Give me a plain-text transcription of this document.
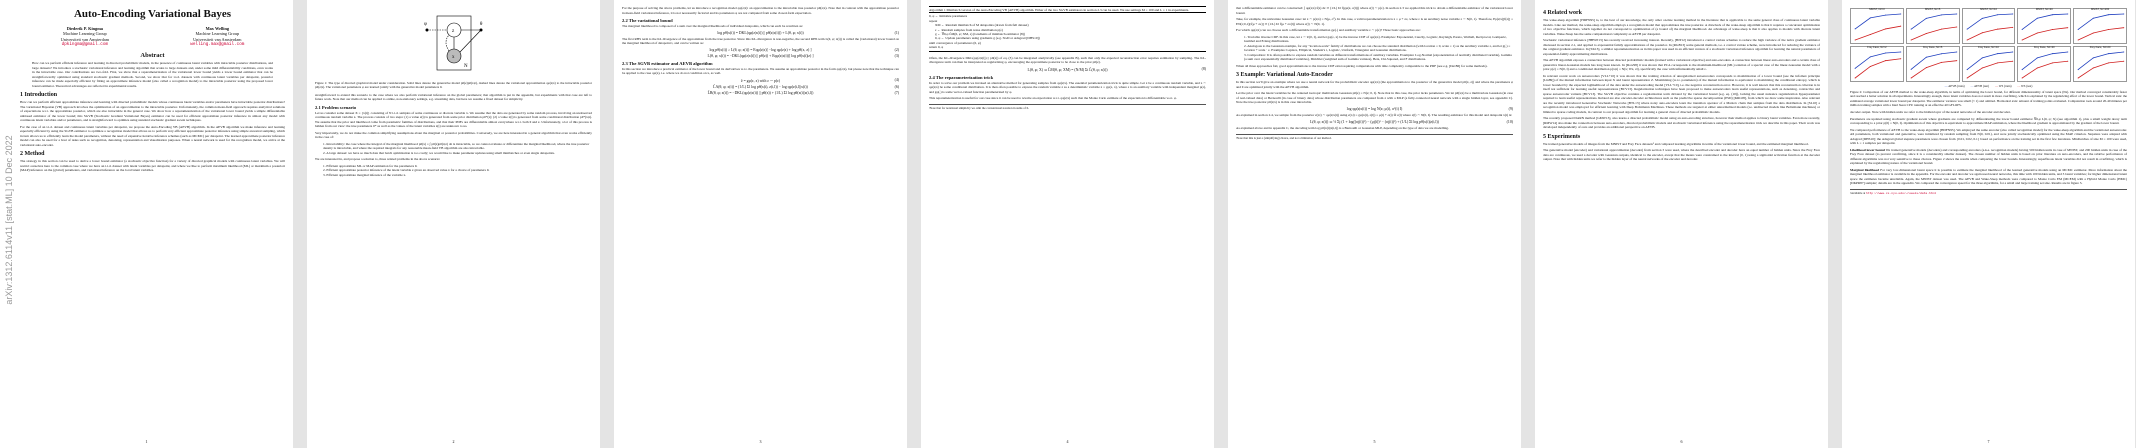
arXiv:1312.6114v11 [stat.ML] 10 Dec 2022
Auto-Encoding Variational Bayes
Diederik P. Kingma
Machine Learning Group
Universiteit van Amsterdam
dpkingma@gmail.com
Max Welling
Machine Learning Group
Universiteit van Amsterdam
welling.max@gmail.com
Abstract
How can we perform efficient inference and learning in directed probabilistic models, in the presence of continuous latent variables with intractable posterior distributions, and large datasets? We introduce a stochastic variational inference and learning algorithm that scales to large datasets and, under some mild differentiability conditions, even works in the intractable case. Our contributions are two-fold. First, we show that a reparameterization of the variational lower bound yields a lower bound estimator that can be straightforwardly optimized using standard stochastic gradient methods. Second, we show that for i.i.d. datasets with continuous latent variables per datapoint, posterior inference can be made especially efficient by fitting an approximate inference model (also called a recognition model) to the intractable posterior using the proposed lower bound estimator. Theoretical advantages are reflected in experimental results.
1 Introduction

How can we perform efficient approximate inference and learning with directed probabilistic models whose continuous latent variables and/or parameters have intractable posterior distributions? The variational Bayesian (VB) approach involves the optimization of an approximation to the intractable posterior. Unfortunately, the common mean-field approach requires analytical solutions of expectations w.r.t. the approximate posterior, which are also intractable in the general case. We show how a reparameterization of the variational lower bound yields a simple differentiable unbiased estimator of the lower bound; this SGVB (Stochastic Gradient Variational Bayes) estimator can be used for efficient approximate posterior inference in almost any model with continuous latent variables and/or parameters, and is straightforward to optimize using standard stochastic gradient ascent techniques.

For the case of an i.i.d. dataset and continuous latent variables per datapoint, we propose the Auto-Encoding VB (AEVB) algorithm. In the AEVB algorithm we make inference and learning especially efficient by using the SGVB estimator to optimize a recognition model that allows us to perform very efficient approximate posterior inference using simple ancestral sampling, which in turn allows us to efficiently learn the model parameters, without the need of expensive iterative inference schemes (such as MCMC) per datapoint. The learned approximate posterior inference model can also be used for a host of tasks such as recognition, denoising, representation and visualization purposes. When a neural network is used for the recognition model, we arrive at the variational auto-encoder.

2 Method

The strategy in this section can be used to derive a lower bound estimator (a stochastic objective function) for a variety of directed graphical models with continuous latent variables. We will restrict ourselves here to the common case where we have an i.i.d. dataset with latent variables per datapoint, and where we like to perform maximum likelihood (ML) or maximum a posteriori (MAP) inference on the (global) parameters, and variational inference on the local latent variables.

1
φ
z
θ
x
N
Figure 1: The type of directed graphical model under consideration. Solid lines denote the generative model pθ(z)pθ(x|z), dashed lines denote the variational approximation qφ(z|x) to the intractable posterior pθ(z|x). The variational parameters φ are learned jointly with the generative model parameters θ.

straightforward to extend this scenario to the case where we also perform variational inference on the global parameters; that algorithm is put in the appendix, but experiments with that case are left to future work. Note that our method can be applied to online, non-stationary settings, e.g. streaming data, but here we assume a fixed dataset for simplicity.

2.1 Problem scenario

Let us consider some dataset X = {x(i)} consisting of N i.i.d. samples of some continuous or discrete variable x. We assume that the data are generated by some random process, involving an unobserved continuous random variable z. The process consists of two steps: (1) a value z(i) is generated from some prior distribution pθ*(z); (2) a value x(i) is generated from some conditional distribution pθ*(x|z). We assume that the prior and likelihood come from parametric families of distributions, and that their PDFs are differentiable almost everywhere w.r.t. both θ and z. Unfortunately, a lot of this process is hidden from our view: the true parameters θ* as well as the values of the latent variables z(i) are unknown to us.

Very importantly, we do not make the common simplifying assumptions about the marginal or posterior probabilities. Conversely, we are here interested in a general algorithm that even works efficiently in the case of:

1. Intractability: the case where the integral of the marginal likelihood pθ(x) = ∫ pθ(z)pθ(x|z) dz is intractable, so we cannot evaluate or differentiate the marginal likelihood, where the true posterior density is intractable, and where the required integrals for any reasonable mean-field VB algorithm are also intractable.
2. A large dataset: we have so much data that batch optimization is too costly; we would like to make parameter updates using small minibatches or even single datapoints.

We are interested in, and propose a solution to, three related problems in the above scenario:

1. Efficient approximate ML or MAP estimation for the parameters θ.
2. Efficient approximate posterior inference of the latent variable z given an observed value x for a choice of parameters θ.
3. Efficient approximate marginal inference of the variable x.
2

For the purpose of solving the above problems, let us introduce a recognition model qφ(z|x): an approximation to the intractable true posterior pθ(z|x). Note that in contrast with the approximate posterior in mean-field variational inference, it is not necessarily factorial and its parameters φ are not computed from some closed-form expectation.

2.2 The variational bound

The marginal likelihood is composed of a sum over the marginal likelihoods of individual datapoints, which can each be rewritten as:

log pθ(x(i)) = DKL(qφ(z|x(i)) || pθ(z|x(i))) + L(θ, φ; x(i))	(1)

The first RHS term is the KL divergence of the approximate from the true posterior. Since this KL-divergence is non-negative, the second RHS term L(θ, φ; x(i)) is called the (variational) lower bound on the marginal likelihood of datapoint i, and can be written as:

log pθ(x(i)) ≥ L(θ, φ; x(i)) = Eqφ(z|x)[ −log qφ(z|x) + log pθ(x, z) ]	(2)
L(θ, φ; x(i)) = −DKL(qφ(z|x(i)) || pθ(z)) + Eqφ(z|x(i))[ log pθ(x(i)|z) ]	(3)
2.3 The SGVB estimator and AEVB algorithm

In this section we introduce a practical estimator of the lower bound and its derivatives w.r.t. the parameters. We assume an approximate posterior in the form qφ(z|x), but please note that the technique can be applied to the case qφ(z), i.e. where we do not condition on x, as well.

z̃ = gφ(ε, x) with ε ∼ p(ε)	(4)
L̃A(θ, φ; x(i)) = (1/L) Σl log pθ(x(i), z(i,l)) − log qφ(z(i,l)|x(i))	(6)
L̃B(θ, φ; x(i)) = −DKL(qφ(z|x(i)) || pθ(z)) + (1/L) Σl log pθ(x(i)|z(i,l))	(7)
3
Algorithm 1 Minibatch version of the Auto-Encoding VB (AEVB) algorithm. Either of the two SGVB estimators in section 2.3 can be used. We use settings M = 100 and L = 1 in experiments.
θ, φ ← Initialize parameters
repeat
XM ← Random minibatch of M datapoints (drawn from full dataset)
ε ← Random samples from noise distribution p(ε)
g ← ∇θ,φ L̃M(θ, φ; XM, ε) (Gradients of minibatch estimator (8))
θ, φ ← Update parameters using gradients g (e.g. SGD or Adagrad [DHS10])
until convergence of parameters (θ, φ)
return θ, φ

Often, the KL-divergence DKL(qφ(z|x(i)) || pθ(z)) of eq. (3) can be integrated analytically (see appendix B), such that only the expected reconstruction error requires estimation by sampling. The KL-divergence term can then be interpreted as regularizing φ, encouraging the approximate posterior to be close to the prior pθ(z).

L(θ, φ; X) ≃ L̃M(θ, φ; XM) = (N/M) Σi L̃(θ, φ; x(i))	(8)
2.4 The reparameterization trick

In order to solve our problem we invoked an alternative method for generating samples from qφ(z|x). The essential parameterization trick is quite simple. Let z be a continuous random variable, and z ∼ qφ(z|x) be some conditional distribution. It is then often possible to express the random variable z as a deterministic variable z = gφ(ε, x), where ε is an auxiliary variable with independent marginal p(ε), and gφ(.) is some vector-valued function parameterized by φ.

This reparameterization is useful for our case since it can be used to rewrite an expectation w.r.t. qφ(z|x) such that the Monte Carlo estimate of the expectation is differentiable w.r.t. φ.

¹Note that for notational simplicity we omit the conventional notation in sums of Σ.
4

that a differentiable estimator can be constructed: ∫ qφ(z|x) f(z) dz ≃ (1/L) Σl f(gφ(x, ε(l))) where ε(l) ∼ p(ε). In section 2.3 we applied this trick to obtain a differentiable estimator of the variational lower bound.

Take, for example, the univariate Gaussian case: let z ∼ p(z|x) = N(μ, σ²). In this case, a valid reparameterization is z = μ + σε, where ε is an auxiliary noise variable ε ∼ N(0, 1). Therefore, Ep(z|x)[f(z)] = EN(ε;0,1)[f(μ + σε)] ≃ (1/L) Σl f(μ + σε(l)) where ε(l) ∼ N(0, 1).

For which qφ(z|x) can we choose such a differentiable transformation gφ(.) and auxiliary variable ε ∼ p(ε)? Three basic approaches are:

1. Tractable inverse CDF. In this case, let ε ∼ U(0, I), and let gφ(ε, x) be the inverse CDF of qφ(z|x). Examples: Exponential, Cauchy, Logistic, Rayleigh, Pareto, Weibull, Reciprocal, Gompertz, Gumbel and Erlang distributions.
2. Analogous to the Gaussian example, for any "location-scale" family of distributions we can choose the standard distribution (with location = 0, scale = 1) as the auxiliary variable ε, and let g(.) = location + scale · ε. Examples: Laplace, Elliptical, Student's t, Logistic, Uniform, Triangular and Gaussian distributions.
3. Composition: It is often possible to express random variables as different transformations of auxiliary variables. Examples: Log-Normal (exponentiation of normally distributed variable), Gamma (a sum over exponentially distributed variables), Dirichlet (weighted sum of Gamma variates), Beta, Chi-Squared, and F distributions.

When all three approaches fail, good approximations to the inverse CDF exist requiring computations with time complexity comparable to the PDF (see e.g. [Dev86] for some methods).

3 Example: Variational Auto-Encoder

In this section we'll give an example where we use a neural network for the probabilistic encoder qφ(z|x) (the approximation to the posterior of the generative model pθ(x, z)) and where the parameters φ and θ are optimized jointly with the AEVB algorithm.

Let the prior over the latent variables be the centered isotropic multivariate Gaussian pθ(z) = N(z; 0, I). Note that in this case, the prior lacks parameters. We let pθ(x|z) be a multivariate Gaussian (in case of real-valued data) or Bernoulli (in case of binary data) whose distribution parameters are computed from z with a MLP (a fully-connected neural network with a single hidden layer, see appendix C). Note the true posterior pθ(z|x) is in this case intractable.

log qφ(z|x(i)) = log N(z; μ(i), σ²(i) I)	(9)

As explained in section 2.4, we sample from the posterior z(i,l) ∼ qφ(z|x(i)) using z(i,l) = gφ(x(i), ε(l)) = μ(i) + σ(i) ⊙ ε(l) where ε(l) ∼ N(0, I). The resulting estimator for this model and datapoint x(i) is:

L(θ, φ; x(i)) ≃ ½ Σj (1 + log((σj(i))²) − (μj(i))² − (σj(i))²) + (1/L) Σl log pθ(x(i)|z(i,l))	(10)

As explained above and in appendix C, the decoding term log pθ(x(i)|z(i,l)) is a Bernoulli or Gaussian MLP, depending on the type of data we are modelling.

²Note that this is just a (simplifying) choice, and not a limitation of our method.
5
4 Related work

The wake-sleep algorithm [HDFN95] is, to the best of our knowledge, the only other on-line learning method in the literature that is applicable to the same general class of continuous latent variable models. Like our method, the wake-sleep algorithm employs a recognition model that approximates the true posterior. A drawback of the wake-sleep algorithm is that it requires a concurrent optimization of two objective functions, which together do not correspond to optimization of (a bound of) the marginal likelihood. An advantage of wake-sleep is that it also applies to models with discrete latent variables. Wake-Sleep has the same computational complexity as AEVB per datapoint.

Stochastic variational inference [HBWP13] has recently received increasing interest. Recently, [BJP12] introduced a control variate schemes to reduce the high variance of the naïve gradient estimator discussed in section 2.1, and applied to exponential family approximations of the posterior. In [RGB13] some general methods, i.e. a control variate scheme, were introduced for reducing the variance of the original gradient estimator. In [SK13], a similar reparameterization as in this paper was used in an efficient version of a stochastic variational inference algorithm for learning the natural parameters of exponential-family approximating distributions.

The AEVB algorithm exposes a connection between directed probabilistic models (trained with a variational objective) and auto-encoders. A connection between linear auto-encoders and a certain class of generative linear-Gaussian models has long been known. In [Row98] it was shown that PCA corresponds to the maximum-likelihood (ML) solution of a special case of the linear-Gaussian model with a prior p(z) = N(0, I) and a conditional distribution p(x|z) = N(x; Wz, εI), specifically the case with infinitesimally small ε.

In relevant recent work on autoencoders [VLL+10] it was shown that the training criterion of unregularized autoencoders corresponds to maximization of a lower bound (see the infomax principle [Lin89]) of the mutual information between input X and latent representation Z. Maximizing (w.r.t. parameters) of the mutual information is equivalent to maximizing the conditional entropy, which is lower bounded by the expected loglikelihood of the data under the autoencoding model [VLL+10], i.e. the negative reconstruction error. However, it is well known that this reconstruction criterion is in itself not sufficient for learning useful representations [BCV13]. Regularization techniques have been proposed to make autoencoders learn useful representations, such as denoising, contractive and sparse autoencoder variants [BCV13]. The SGVB objective contains a regularization term dictated by the variational bound (e.g. eq. (10)), lacking the usual nuisance regularization hyperparameter required to learn useful representations. Related are also encoder-decoder architectures such as the predictive sparse decomposition (PSD) [KRL08], from which we drew some inspiration. Also relevant are the recently introduced Generative Stochastic Networks [BTL13] where noisy auto-encoders learn the transition operator of a Markov chain that samples from the data distribution. In [SL10] a recognition model was employed for efficient learning with Deep Boltzmann Machines. These methods are targeted at either unnormalized models (i.e. undirected models like Boltzmann machines) or limited to sparse coding models, in contrast to our proposed algorithm for learning a general class of directed probabilistic models.

The recently proposed DARN method [GMW13], also learns a directed probabilistic model using an auto-encoding structure, however their method applies to binary latent variables. Even more recently, [RMW14] also make the connection between auto-encoders, directed probabilistic models and stochastic variational inference using the reparameterization trick we describe in this paper. Their work was developed independently of ours and provides an additional perspective on AEVB.

5 Experiments

We trained generative models of images from the MNIST and Frey Face datasets³ and compared learning algorithms in terms of the variational lower bound, and the estimated marginal likelihood.

The generative model (encoder) and variational approximation (decoder) from section 3 were used, where the described encoder and decoder have an equal number of hidden units. Since the Frey Face data are continuous, we used a decoder with Gaussian outputs, identical to the encoder, except that the means were constrained to the interval (0, 1) using a sigmoidal activation function at the decoder output. Note that with hidden units we refer to the hidden layer of the neural networks of the encoder and decoder.

6
MNIST, Nz=3	MNIST, Nz=5	MNIST, Nz=10	MNIST, Nz=20	MNIST, Nz=200
Frey Face, Nz=2	Frey Face, Nz=5	Frey Face, Nz=10	Frey Face, Nz=20	Frey Face, Nz=20
— AEVB (train) - - AEVB (test) — WS (train) - - WS (test)
Figure 2: Comparison of our AEVB method to the wake-sleep algorithm, in terms of optimizing the lower bound, for different dimensionality of latent space (Nz). Our method converged considerably faster and reached a better solution in all experiments. Interestingly enough, more latent variables does not result in more overfitting, which is explained by the regularizing effect of the lower bound. Vertical axis: the estimated average variational lower bound per datapoint. The estimator variance was small (< 1) and omitted. Horizontal axis: amount of training points evaluated. Computation took around 20-40 minutes per million training samples with a Intel Xeon CPU running at an effective 40 GFLOPS.

decoder output. Note with hidden units we refer to the hidden layer of the neural networks of the encoder and decoder.

Parameters are updated using stochastic gradient ascent where gradients are computed by differentiating the lower bound estimator ∇θ,φ L(θ, φ; X) (see algorithm 1), plus a small weight decay term corresponding to a prior p(θ) = N(0, I). Optimization of this objective is equivalent to approximate MAP estimation, where the likelihood gradient is approximated by the gradient of the lower bound.

We compared performance of AEVB to the wake-sleep algorithm [HDFN95]. We employed the same encoder (also called recognition model) for the wake-sleep algorithm and the variational autoencoder. All parameters, both variational and generative, were initialized by random sampling from N(0, 0.01), and were jointly stochastically optimized using the MAP criterion. Stepsizes were adapted with Adagrad [DHS10]; the Adagrad global stepsize parameters were chosen from {0.01, 0.02, 0.1} based on performance on the training set in the first few iterations. Minibatches of size M = 100 were used, with L = 1 samples per datapoint.

Likelihood lower bound We trained generative models (decoders) and corresponding encoders (a.k.a. recognition models) having 500 hidden units in case of MNIST, and 200 hidden units in case of the Frey Face dataset (to prevent overfitting, since it is a considerably smaller dataset). The chosen number of hidden units is based on prior literature on auto-encoders, and the relative performance of different algorithms was not very sensitive to these choices. Figure 2 shows the results when comparing the lower bounds. Interestingly, superfluous latent variables did not result in overfitting, which is explained by the regularizing nature of the variational bound.

Marginal likelihood For very low-dimensional latent space it is possible to estimate the marginal likelihood of the learned generative models using an MCMC estimator. More information about the marginal likelihood estimator is available in the appendix. For the encoder and decoder we again used neural networks, this time with 100 hidden units, and 3 latent variables; for higher dimensional latent space the estimates became unreliable. Again, the MNIST dataset was used. The AEVB and Wake-Sleep methods were compared to Monte Carlo EM (MCEM) with a Hybrid Monte Carlo (HMC) [DKPR87] sampler; details are in the appendix. We compared the convergence speed for the three algorithms, for a small and large training set size. Results are in figure 3.

³Available at http://www.cs.nyu.edu/~roweis/data.html
7
